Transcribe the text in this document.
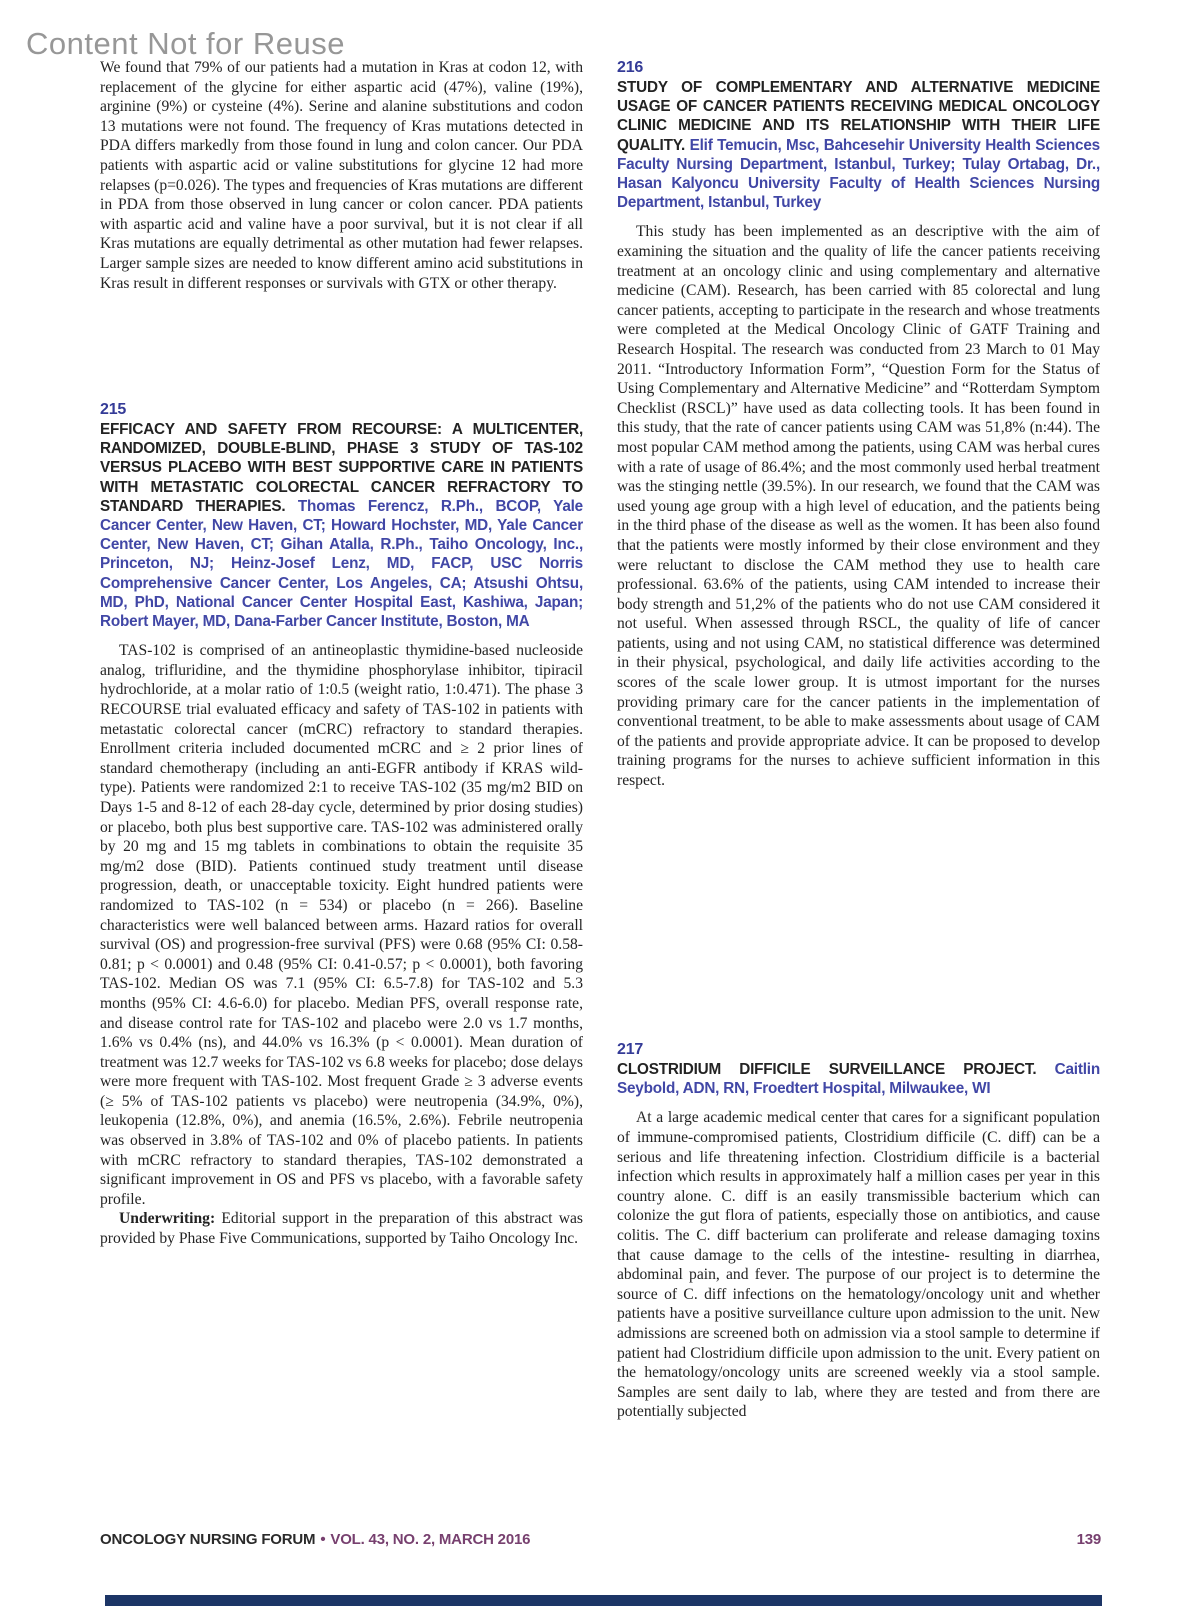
Content Not for Reuse

We found that 79% of our patients had a mutation in Kras at codon 12, with replacement of the glycine for either aspartic acid (47%), valine (19%), arginine (9%) or cysteine (4%). Serine and alanine substitutions and codon 13 mutations were not found. The frequency of Kras mutations detected in PDA differs markedly from those found in lung and colon cancer. Our PDA patients with aspartic acid or valine substitutions for glycine 12 had more relapses (p=0.026). The types and frequencies of Kras mutations are different in PDA from those observed in lung cancer or colon cancer. PDA patients with aspartic acid and valine have a poor survival, but it is not clear if all Kras mutations are equally detrimental as other mutation had fewer relapses. Larger sample sizes are needed to know different amino acid substitutions in Kras result in different responses or survivals with GTX or other therapy.

215

EFFICACY AND SAFETY FROM RECOURSE: A MULTICENTER, RANDOMIZED, DOUBLE-BLIND, PHASE 3 STUDY OF TAS-102 VERSUS PLACEBO WITH BEST SUPPORTIVE CARE IN PATIENTS WITH METASTATIC COLORECTAL CANCER REFRACTORY TO STANDARD THERAPIES. Thomas Ferencz, R.Ph., BCOP, Yale Cancer Center, New Haven, CT; Howard Hochster, MD, Yale Cancer Center, New Haven, CT; Gihan Atalla, R.Ph., Taiho Oncology, Inc., Princeton, NJ; Heinz-Josef Lenz, MD, FACP, USC Norris Comprehensive Cancer Center, Los Angeles, CA; Atsushi Ohtsu, MD, PhD, National Cancer Center Hospital East, Kashiwa, Japan; Robert Mayer, MD, Dana-Farber Cancer Institute, Boston, MA

TAS-102 is comprised of an antineoplastic thymidine-based nucleoside analog, trifluridine, and the thymidine phosphorylase inhibitor, tipiracil hydrochloride, at a molar ratio of 1:0.5 (weight ratio, 1:0.471). The phase 3 RECOURSE trial evaluated efficacy and safety of TAS-102 in patients with metastatic colorectal cancer (mCRC) refractory to standard therapies. Enrollment criteria included documented mCRC and ≥ 2 prior lines of standard chemotherapy (including an anti-EGFR antibody if KRAS wild-type). Patients were randomized 2:1 to receive TAS-102 (35 mg/m2 BID on Days 1-5 and 8-12 of each 28-day cycle, determined by prior dosing studies) or placebo, both plus best supportive care. TAS-102 was administered orally by 20 mg and 15 mg tablets in combinations to obtain the requisite 35 mg/m2 dose (BID). Patients continued study treatment until disease progression, death, or unacceptable toxicity. Eight hundred patients were randomized to TAS-102 (n = 534) or placebo (n = 266). Baseline characteristics were well balanced between arms. Hazard ratios for overall survival (OS) and progression-free survival (PFS) were 0.68 (95% CI: 0.58-0.81; p < 0.0001) and 0.48 (95% CI: 0.41-0.57; p < 0.0001), both favoring TAS-102. Median OS was 7.1 (95% CI: 6.5-7.8) for TAS-102 and 5.3 months (95% CI: 4.6-6.0) for placebo. Median PFS, overall response rate, and disease control rate for TAS-102 and placebo were 2.0 vs 1.7 months, 1.6% vs 0.4% (ns), and 44.0% vs 16.3% (p < 0.0001). Mean duration of treatment was 12.7 weeks for TAS-102 vs 6.8 weeks for placebo; dose delays were more frequent with TAS-102. Most frequent Grade ≥ 3 adverse events (≥ 5% of TAS-102 patients vs placebo) were neutropenia (34.9%, 0%), leukopenia (12.8%, 0%), and anemia (16.5%, 2.6%). Febrile neutropenia was observed in 3.8% of TAS-102 and 0% of placebo patients. In patients with mCRC refractory to standard therapies, TAS-102 demonstrated a significant improvement in OS and PFS vs placebo, with a favorable safety profile.

Underwriting: Editorial support in the preparation of this abstract was provided by Phase Five Communications, supported by Taiho Oncology Inc.

216

STUDY OF COMPLEMENTARY AND ALTERNATIVE MEDICINE USAGE OF CANCER PATIENTS RECEIVING MEDICAL ONCOLOGY CLINIC MEDICINE AND ITS RELATIONSHIP WITH THEIR LIFE QUALITY. Elif Temucin, Msc, Bahcesehir University Health Sciences Faculty Nursing Department, Istanbul, Turkey; Tulay Ortabag, Dr., Hasan Kalyoncu University Faculty of Health Sciences Nursing Department, Istanbul, Turkey

This study has been implemented as an descriptive with the aim of examining the situation and the quality of life the cancer patients receiving treatment at an oncology clinic and using complementary and alternative medicine (CAM). Research, has been carried with 85 colorectal and lung cancer patients, accepting to participate in the research and whose treatments were completed at the Medical Oncology Clinic of GATF Training and Research Hospital. The research was conducted from 23 March to 01 May 2011. “Introductory Information Form”, “Question Form for the Status of Using Complementary and Alternative Medicine” and “Rotterdam Symptom Checklist (RSCL)” have used as data collecting tools. It has been found in this study, that the rate of cancer patients using CAM was 51,8% (n:44). The most popular CAM method among the patients, using CAM was herbal cures with a rate of usage of 86.4%; and the most commonly used herbal treatment was the stinging nettle (39.5%). In our research, we found that the CAM was used young age group with a high level of education, and the patients being in the third phase of the disease as well as the women. It has been also found that the patients were mostly informed by their close environment and they were reluctant to disclose the CAM method they use to health care professional. 63.6% of the patients, using CAM intended to increase their body strength and 51,2% of the patients who do not use CAM considered it not useful. When assessed through RSCL, the quality of life of cancer patients, using and not using CAM, no statistical difference was determined in their physical, psychological, and daily life activities according to the scores of the scale lower group. It is utmost important for the nurses providing primary care for the cancer patients in the implementation of conventional treatment, to be able to make assessments about usage of CAM of the patients and provide appropriate advice. It can be proposed to develop training programs for the nurses to achieve sufficient information in this respect.

217

CLOSTRIDIUM DIFFICILE SURVEILLANCE PROJECT. Caitlin Seybold, ADN, RN, Froedtert Hospital, Milwaukee, WI

At a large academic medical center that cares for a significant population of immune-compromised patients, Clostridium difficile (C. diff) can be a serious and life threatening infection. Clostridium difficile is a bacterial infection which results in approximately half a million cases per year in this country alone. C. diff is an easily transmissible bacterium which can colonize the gut flora of patients, especially those on antibiotics, and cause colitis. The C. diff bacterium can proliferate and release damaging toxins that cause damage to the cells of the intestine- resulting in diarrhea, abdominal pain, and fever. The purpose of our project is to determine the source of C. diff infections on the hematology/oncology unit and whether patients have a positive surveillance culture upon admission to the unit. New admissions are screened both on admission via a stool sample to determine if patient had Clostridium difficile upon admission to the unit. Every patient on the hematology/oncology units are screened weekly via a stool sample. Samples are sent daily to lab, where they are tested and from there are potentially subjected

ONCOLOGY NURSING FORUM • VOL. 43, NO. 2, MARCH 2016	139
